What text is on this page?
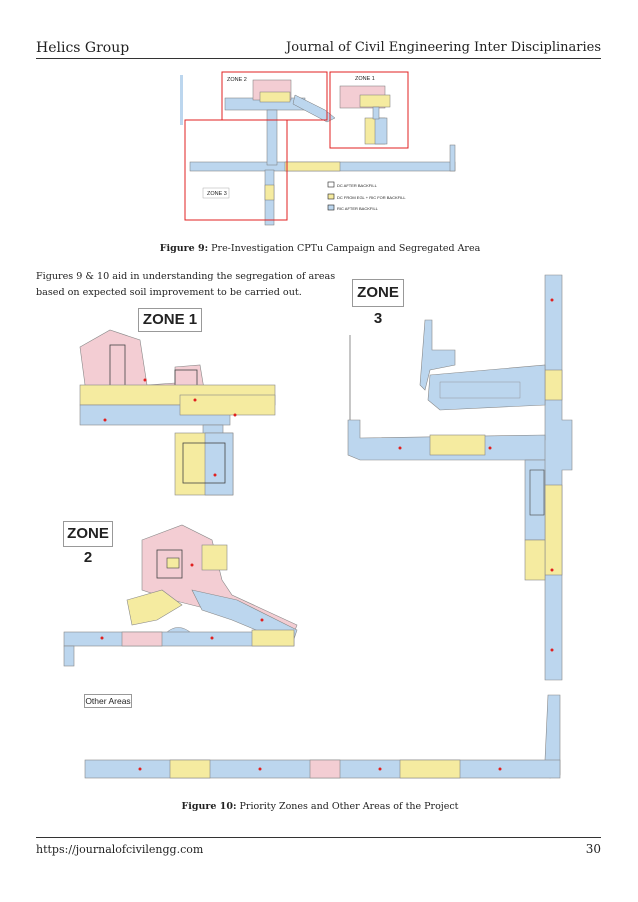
Helics Group	Journal of Civil Engineering Inter Disciplinaries
ZONE 2	ZONE 1
ZONE 3
DC AFTER BACKFILL
DC FROM EGL + RIC FOR BACKFILL
RIC AFTER BACKFILL
Figure 9: Pre-Investigation CPTu Campaign and Segregated Area
Figures 9 & 10 aid in understanding the segregation of areas based on expected soil improvement to be carried out.
ZONE 1
ZONE 2
ZONE 3
Other Areas
Figure 10: Priority Zones and Other Areas of the Project
https://journalofcivilengg.com	30
